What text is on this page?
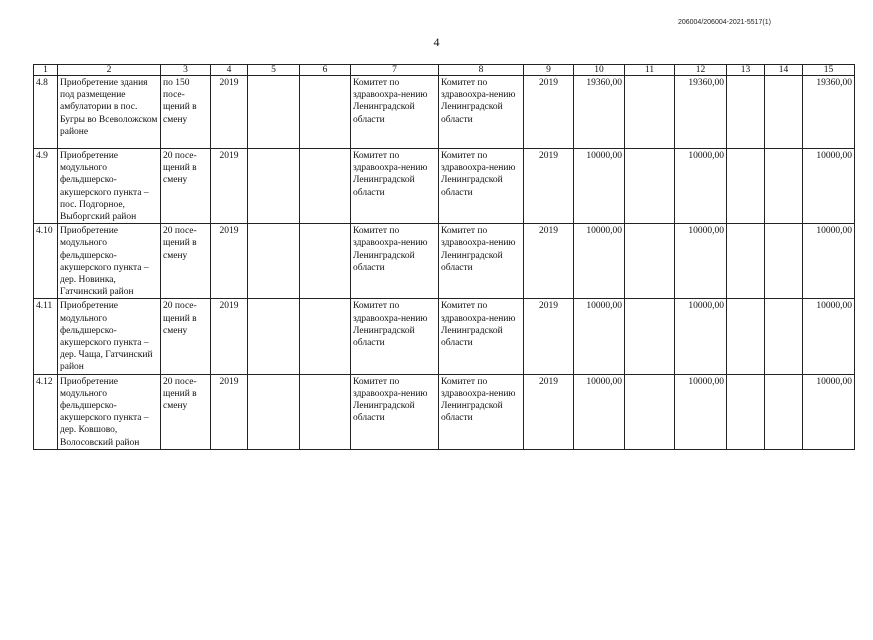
206004/206004-2021-5517(1)
4
1	2	3	4	5	6	7	8	9	10	11	12	13	14	15
4.8	Приобретение здания под размещение амбулатории в пос. Бугры во Всеволожском районе	по 150 посе-щений в смену	2019			Комитет по здравоохра-нению Ленинградской области	Комитет по здравоохра-нению Ленинградской области	2019	19360,00		19360,00			19360,00
4.9	Приобретение модульного фельдшерско-акушерского пункта – пос. Подгорное, Выборгский район	20 посе-щений в смену	2019			Комитет по здравоохра-нению Ленинградской области	Комитет по здравоохра-нению Ленинградской области	2019	10000,00		10000,00			10000,00
4.10	Приобретение модульного фельдшерско-акушерского пункта – дер. Новинка, Гатчинский район	20 посе-щений в смену	2019			Комитет по здравоохра-нению Ленинградской области	Комитет по здравоохра-нению Ленинградской области	2019	10000,00		10000,00			10000,00
4.11	Приобретение модульного фельдшерско-акушерского пункта – дер. Чаща, Гатчинский район	20 посе-щений в смену	2019			Комитет по здравоохра-нению Ленинградской области	Комитет по здравоохра-нению Ленинградской области	2019	10000,00		10000,00			10000,00
4.12	Приобретение модульного фельдшерско-акушерского пункта – дер. Ковшово, Волосовский район	20 посе-щений в смену	2019			Комитет по здравоохра-нению Ленинградской области	Комитет по здравоохра-нению Ленинградской области	2019	10000,00		10000,00			10000,00
